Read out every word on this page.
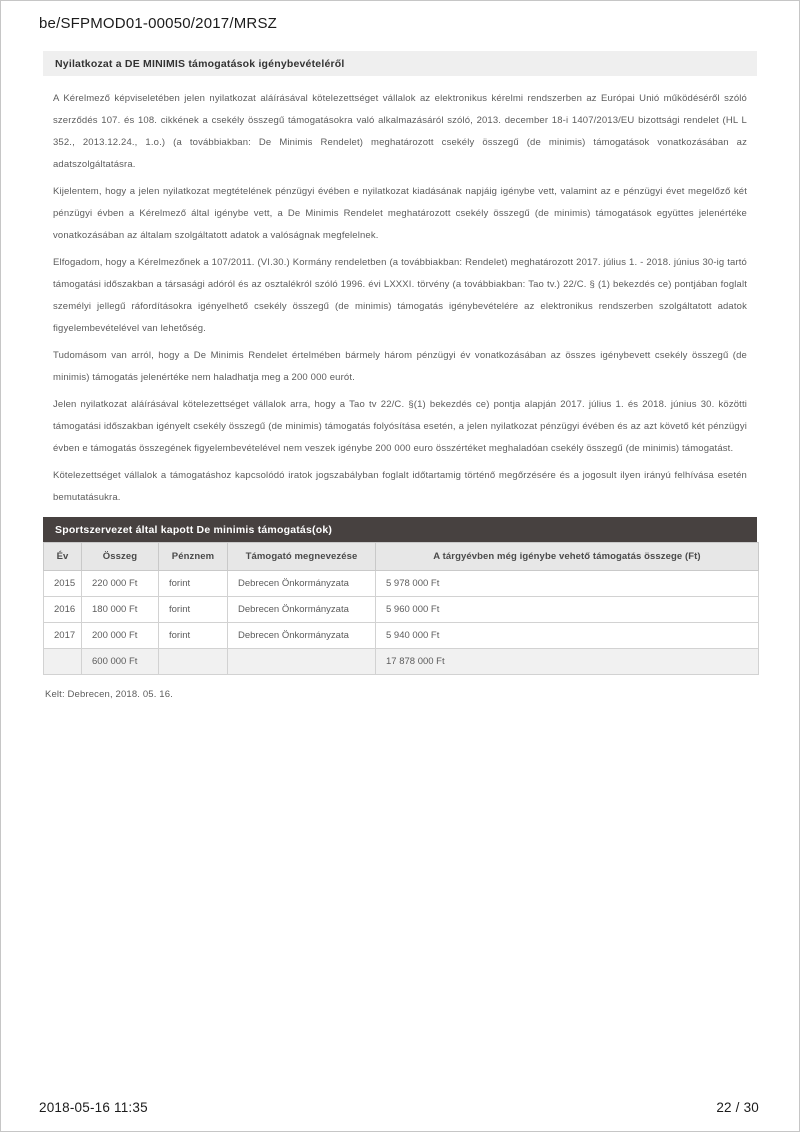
be/SFPMOD01-00050/2017/MRSZ
Nyilatkozat a DE MINIMIS támogatások igénybevételéről

A Kérelmező képviseletében jelen nyilatkozat aláírásával kötelezettséget vállalok az elektronikus kérelmi rendszerben az Európai Unió működéséről szóló szerződés 107. és 108. cikkének a csekély összegű támogatásokra való alkalmazásáról szóló, 2013. december 18-i 1407/2013/EU bizottsági rendelet (HL L 352., 2013.12.24., 1.o.) (a továbbiakban: De Minimis Rendelet) meghatározott csekély összegű (de minimis) támogatások vonatkozásában az adatszolgáltatásra.

Kijelentem, hogy a jelen nyilatkozat megtételének pénzügyi évében e nyilatkozat kiadásának napjáig igénybe vett, valamint az e pénzügyi évet megelőző két pénzügyi évben a Kérelmező által igénybe vett, a De Minimis Rendelet meghatározott csekély összegű (de minimis) támogatások együttes jelenértéke vonatkozásában az általam szolgáltatott adatok a valóságnak megfelelnek.

Elfogadom, hogy a Kérelmezőnek a 107/2011. (VI.30.) Kormány rendeletben (a továbbiakban: Rendelet) meghatározott 2017. július 1. - 2018. június 30-ig tartó támogatási időszakban a társasági adóról és az osztalékról szóló 1996. évi LXXXI. törvény (a továbbiakban: Tao tv.) 22/C. § (1) bekezdés ce) pontjában foglalt személyi jellegű ráfordításokra igényelhető csekély összegű (de minimis) támogatás igénybevételére az elektronikus rendszerben szolgáltatott adatok figyelembevételével van lehetőség.

Tudomásom van arról, hogy a De Minimis Rendelet értelmében bármely három pénzügyi év vonatkozásában az összes igénybevett csekély összegű (de minimis) támogatás jelenértéke nem haladhatja meg a 200 000 eurót.

Jelen nyilatkozat aláírásával kötelezettséget vállalok arra, hogy a Tao tv 22/C. §(1) bekezdés ce) pontja alapján 2017. július 1. és 2018. június 30. közötti támogatási időszakban igényelt csekély összegű (de minimis) támogatás folyósítása esetén, a jelen nyilatkozat pénzügyi évében és az azt követő két pénzügyi évben e támogatás összegének figyelembevételével nem veszek igénybe 200 000 euro összértéket meghaladóan csekély összegű (de minimis) támogatást.

Kötelezettséget vállalok a támogatáshoz kapcsolódó iratok jogszabályban foglalt időtartamig történő megőrzésére és a jogosult ilyen irányú felhívása esetén bemutatásukra.

Sportszervezet által kapott De minimis támogatás(ok)
Év	Összeg	Pénznem	Támogató megnevezése	A tárgyévben még igénybe vehető támogatás összege (Ft)
2015	220 000 Ft	forint	Debrecen Önkormányzata	5 978 000 Ft
2016	180 000 Ft	forint	Debrecen Önkormányzata	5 960 000 Ft
2017	200 000 Ft	forint	Debrecen Önkormányzata	5 940 000 Ft
	600 000 Ft			17 878 000 Ft
Kelt: Debrecen, 2018. 05. 16.
2018-05-16 11:35	22 / 30
